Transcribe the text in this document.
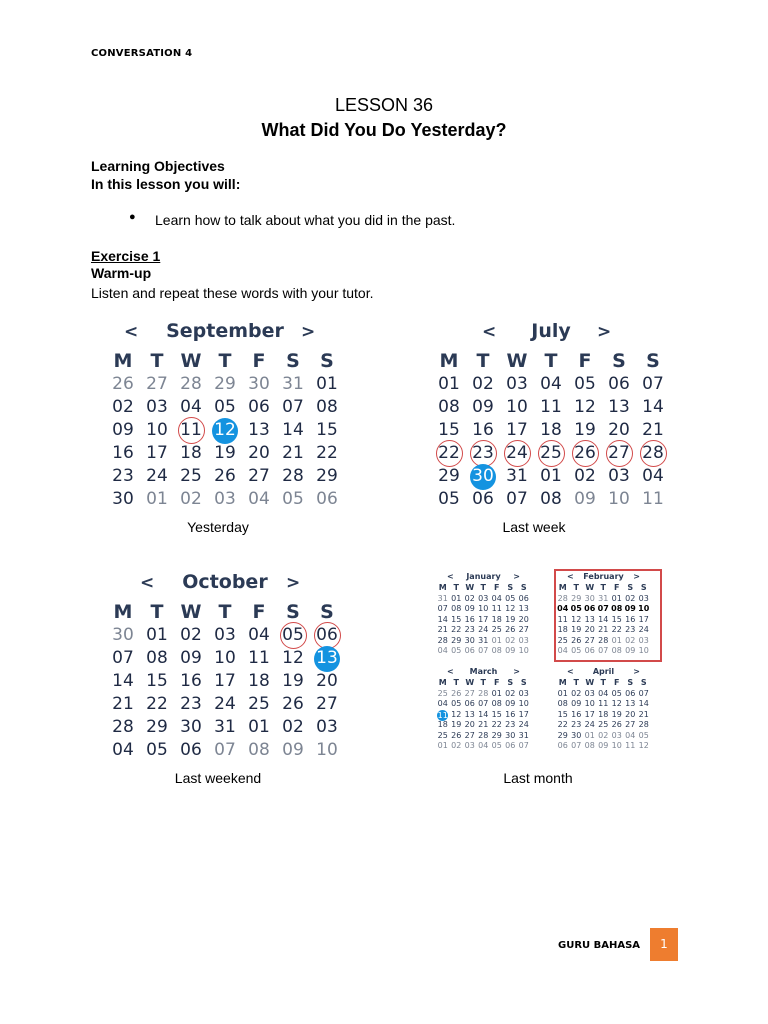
CONVERSATION 4
LESSON 36
What Did You Do Yesterday?
Learning Objectives
In this lesson you will:
● Learn how to talk about what you did in the past.
Exercise 1
Warm-up
Listen and repeat these words with your tutor.
<	September	>
M T W T	F	S	S
26 27 28 29 30 31 01
02 03 04 05 06 07 08
09 10 11 12 13 14 15
16 17 18 19 20 21 22
23 24 25 26 27 28 29
30 01 02 03 04 05 06
<	July	>
M T W T	F	S	S
01 02 03 04 05 06 07
08 09 10 11 12 13 14
15 16 17 18 19 20 21
22 23 24 25 26 27 28
29 30 31 01 02 03 04
05 06 07 08 09 10 11
<	October	>
M T W T	F	S	S
30 01 02 03 04 05 06
07 08 09 10 11 12 13
14 15 16 17 18 19 20
21 22 23 24 25 26 27
28 29 30 31 01 02 03
04 05 06 07 08 09 10
Yesterday	Last week
Last weekend
<	January	>
M T W T	F S S
31 01 02 03 04 05 06
07 08 09 10 11 12 13
14 15 16 17 18 19 20
21 22 23 24 25 26 27
28 29 30 31 01 02 03
04 05 06 07 08 09 10
<	February	>
M T W T	F S S
28 29 30 31 01 02 03
04 05 06 07 08 09 10
11 12 13 14 15 16 17
18 19 20 21 22 23 24
25 26 27 28 01 02 03
04 05 06 07 08 09 10
<	March	>
M T W T	F S S
25 26 27 28 01 02 03
04 05 06 07 08 09 10
11 12 13 14 15 16 17
18 19 20 21 22 23 24
25 26 27 28 29 30 31
01 02 03 04 05 06 07
<	April	>
M T W T	F S S
01 02 03 04 05 06 07
08 09 10 11 12 13 14
15 16 17 18 19 20 21
22 23 24 25 26 27 28
29 30 01 02 03 04 05
06 07 08 09 10 11 12
Last month
GURU BAHASA	1
